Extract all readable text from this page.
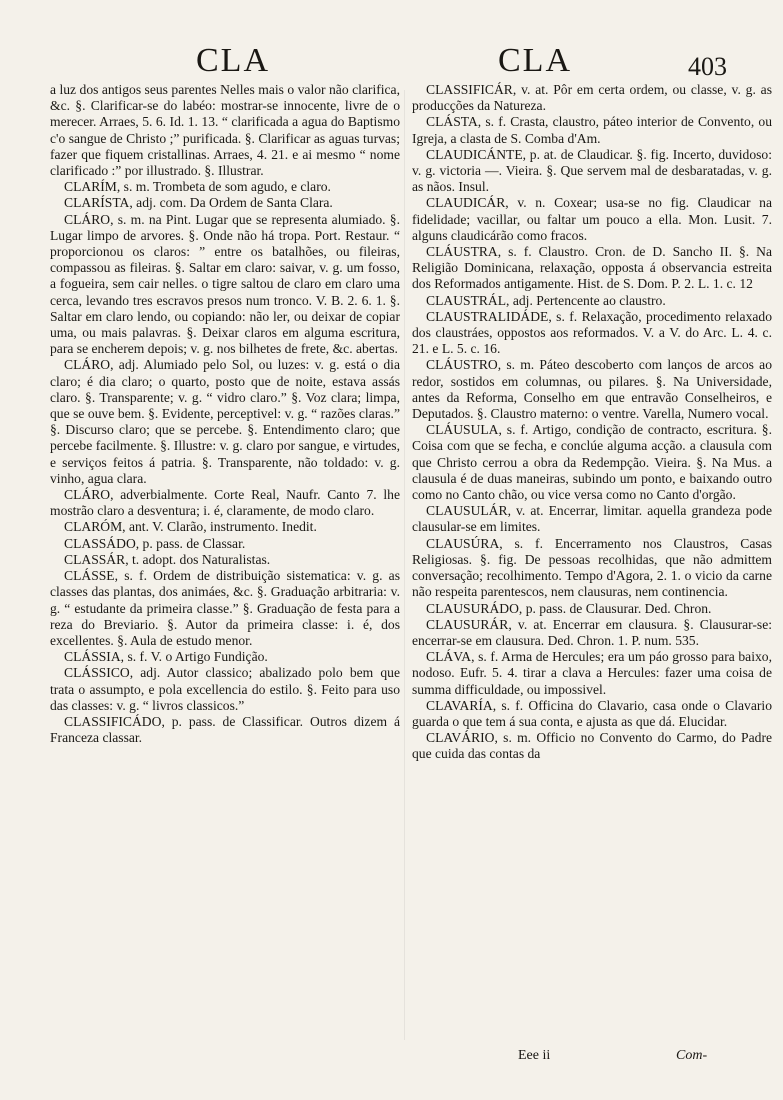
CLA	CLA	403

a luz dos antigos seus parentes Nelles mais o valor não clarifica, &c. §. Clarificar-se do labéo: mostrar-se innocente, livre de o merecer. Arraes, 5. 6. Id. 1. 13. “ clarificada a agua do Baptismo c'o sangue de Christo ;” purificada. §. Clarificar as aguas turvas; fazer que fiquem cristallinas. Arraes, 4. 21. e ai mesmo “ nome clarificado :” por illustrado. §. Illustrar.

CLARÍM, s. m. Trombeta de som agudo, e claro.

CLARÍSTA, adj. com. Da Ordem de Santa Clara.

CLÁRO, s. m. na Pint. Lugar que se representa alumiado. §. Lugar limpo de arvores. §. Onde não há tropa. Port. Restaur. “ proporcionou os claros: ” entre os batalhões, ou fileiras, compassou as fileiras. §. Saltar em claro: saivar, v. g. um fosso, a fogueira, sem cair nelles. o tigre saltou de claro em claro uma cerca, levando tres escravos presos num tronco. V. B. 2. 6. 1. §. Saltar em claro lendo, ou copiando: não ler, ou deixar de copiar uma, ou mais palavras. §. Deixar claros em alguma escritura, para se encherem depois; v. g. nos bilhetes de frete, &c. abertas.

CLÁRO, adj. Alumiado pelo Sol, ou luzes: v. g. está o dia claro; é dia claro; o quarto, posto que de noite, estava assás claro. §. Transparente; v. g. “ vidro claro.” §. Voz clara; limpa, que se ouve bem. §. Evidente, perceptivel: v. g. “ razões claras.” §. Discurso claro; que se percebe. §. Entendimento claro; que percebe facilmente. §. Illustre: v. g. claro por sangue, e virtudes, e serviços feitos á patria. §. Transparente, não toldado: v. g. vinho, agua clara.

CLÁRO, adverbialmente. Corte Real, Naufr. Canto 7. lhe mostrão claro a desventura; i. é, claramente, de modo claro.

CLARÓM, ant. V. Clarão, instrumento. Inedit.

CLASSÁDO, p. pass. de Classar.

CLASSÁR, t. adopt. dos Naturalistas.

CLÁSSE, s. f. Ordem de distribuição sistematica: v. g. as classes das plantas, dos animáes, &c. §. Graduação arbitraria: v. g. “ estudante da primeira classe.” §. Graduação de festa para a reza do Breviario. §. Autor da primeira classe: i. é, dos excellentes. §. Aula de estudo menor.

CLÁSSIA, s. f. V. o Artigo Fundição.

CLÁSSICO, adj. Autor classico; abalizado polo bem que trata o assumpto, e pola excellencia do estilo. §. Feito para uso das classes: v. g. “ livros classicos.”

CLASSIFICÁDO, p. pass. de Classificar. Outros dizem á Franceza classar.

CLASSIFICÁR, v. at. Pôr em certa ordem, ou classe, v. g. as producções da Natureza.

CLÁSTA, s. f. Crasta, claustro, páteo interior de Convento, ou Igreja, a clasta de S. Comba d'Am.

CLAUDICÁNTE, p. at. de Claudicar. §. fig. Incerto, duvidoso: v. g. victoria —. Vieira. §. Que servem mal de desbaratadas, v. g. as nãos. Insul.

CLAUDICÁR, v. n. Coxear; usa-se no fig. Claudicar na fidelidade; vacillar, ou faltar um pouco a ella. Mon. Lusit. 7. alguns claudicárão como fracos.

CLÁUSTRA, s. f. Claustro. Cron. de D. Sancho II. §. Na Religião Dominicana, relaxação, opposta á observancia estreita dos Reformados antigamente. Hist. de S. Dom. P. 2. L. 1. c. 12

CLAUSTRÁL, adj. Pertencente ao claustro.

CLAUSTRALIDÁDE, s. f. Relaxação, procedimento relaxado dos claustráes, oppostos aos reformados. V. a V. do Arc. L. 4. c. 21. e L. 5. c. 16.

CLÁUSTRO, s. m. Páteo descoberto com lanços de arcos ao redor, sostidos em columnas, ou pilares. §. Na Universidade, antes da Reforma, Conselho em que entravão Conselheiros, e Deputados. §. Claustro materno: o ventre. Varella, Numero vocal.

CLÁUSULA, s. f. Artigo, condição de contracto, escritura. §. Coisa com que se fecha, e conclúe alguma acção. a clausula com que Christo cerrou a obra da Redempção. Vieira. §. Na Mus. a clausula é de duas maneiras, subindo um ponto, e baixando outro como no Canto chão, ou vice versa como no Canto d'orgão.

CLAUSULÁR, v. at. Encerrar, limitar. aquella grandeza pode clausular-se em limites.

CLAUSÚRA, s. f. Encerramento nos Claustros, Casas Religiosas. §. fig. De pessoas recolhidas, que não admittem conversação; recolhimento. Tempo d'Agora, 2. 1. o vicio da carne não respeita parentescos, nem clausuras, nem continencia.

CLAUSURÁDO, p. pass. de Clausurar. Ded. Chron.

CLAUSURÁR, v. at. Encerrar em clausura. §. Clausurar-se: encerrar-se em clausura. Ded. Chron. 1. P. num. 535.

CLÁVA, s. f. Arma de Hercules; era um páo grosso para baixo, nodoso. Eufr. 5. 4. tirar a clava a Hercules: fazer uma coisa de summa difficuldade, ou impossivel.

CLAVARÍA, s. f. Officina do Clavario, casa onde o Clavario guarda o que tem á sua conta, e ajusta as que dá. Elucidar.

CLAVÁRIO, s. m. Officio no Convento do Carmo, do Padre que cuida das contas da

Eee ii	Com-
